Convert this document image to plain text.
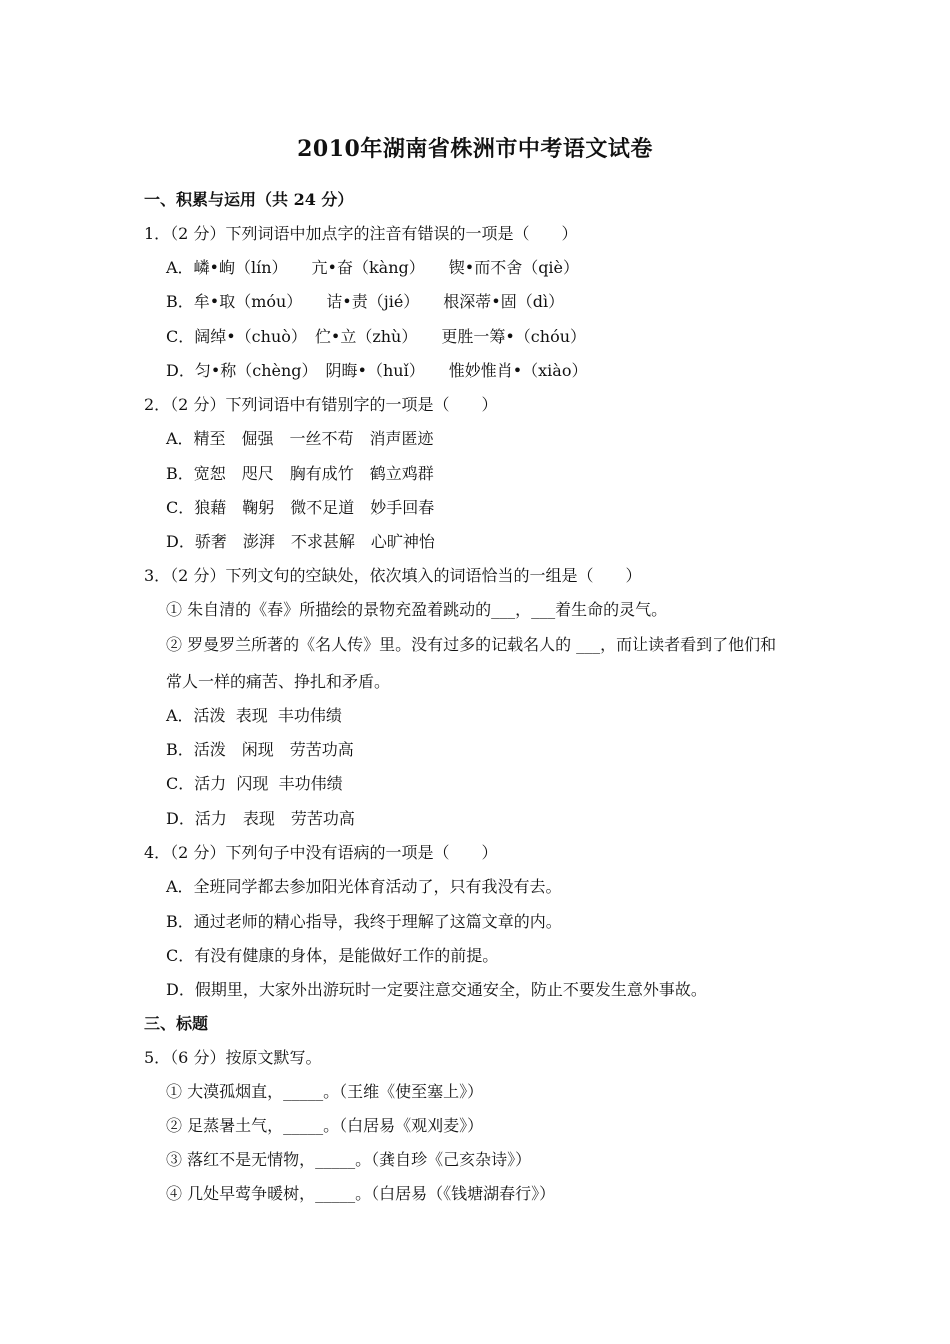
2010年湖南省株洲市中考语文试卷
一、积累与运用（共 24 分）
1．（2 分）下列词语中加点字的注音有错误的一项是（　　）
A．嶙•峋（lín）　　亢•奋（kàng）　　锲•而不舍（qiè）
B．牟•取（móu）　　诘•责（jié）　　根深蒂•固（dì）
C．阔绰•（chuò）　伫•立（zhù）　　更胜一筹•（chóu）
D．匀•称（chèng）　阴晦•（huǐ）　　惟妙惟肖•（xiào）
2．（2 分）下列词语中有错别字的一项是（　　）
A．精至　倔强　一丝不苟　消声匿迹
B．宽恕　咫尺　胸有成竹　鹤立鸡群
C．狼藉　鞠躬　微不足道　妙手回春
D．骄奢　澎湃　不求甚解　心旷神怡
3．（2 分）下列文句的空缺处，依次填入的词语恰当的一组是（　　）
① 朱自清的《春》所描绘的景物充盈着跳动的___，___着生命的灵气。
② 罗曼罗兰所著的《名人传》里。没有过多的记载名人的 ___，而让读者看到了他们和
常人一样的痛苦、挣扎和矛盾。
A．活泼  表现  丰功伟绩
B．活泼　闲现　劳苦功高
C．活力  闪现  丰功伟绩
D．活力　表现　劳苦功高
4．（2 分）下列句子中没有语病的一项是（　　）
A．全班同学都去参加阳光体育活动了，只有我没有去。
B．通过老师的精心指导，我终于理解了这篇文章的内。
C．有没有健康的身体，是能做好工作的前提。
D．假期里，大家外出游玩时一定要注意交通安全，防止不要发生意外事故。
三、标题
5．（6 分）按原文默写。
① 大漠孤烟直，_____。（王维《使至塞上》）
② 足蒸暑土气，_____。（白居易《观刈麦》）
③ 落红不是无情物，_____。（龚自珍《己亥杂诗》）
④ 几处早莺争暖树，_____。（白居易（《钱塘湖春行》）
